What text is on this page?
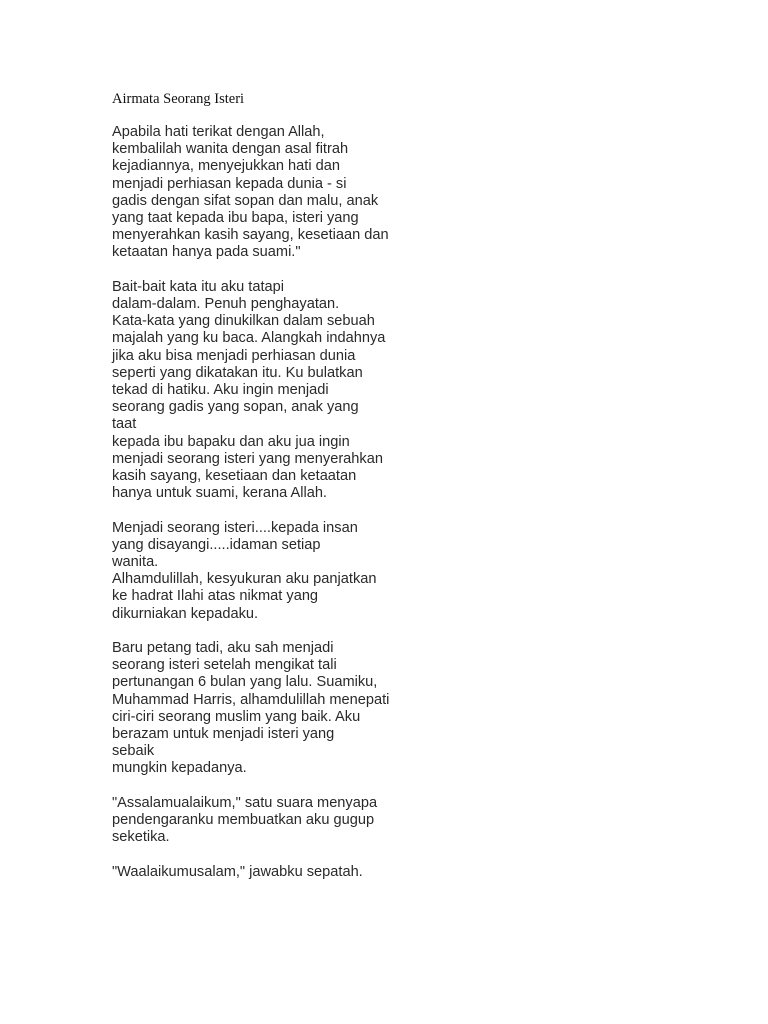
Airmata Seorang Isteri

Apabila hati terikat dengan Allah,
kembalilah wanita dengan asal fitrah
kejadiannya, menyejukkan hati dan
menjadi perhiasan kepada dunia - si
gadis dengan sifat sopan dan malu, anak
yang taat kepada ibu bapa, isteri yang
menyerahkan kasih sayang, kesetiaan dan
ketaatan hanya pada suami."

Bait-bait kata itu aku tatapi
dalam-dalam. Penuh penghayatan.
Kata-kata yang dinukilkan dalam sebuah
majalah yang ku baca. Alangkah indahnya
jika aku bisa menjadi perhiasan dunia
seperti yang dikatakan itu. Ku bulatkan
tekad di hatiku. Aku ingin menjadi
seorang gadis yang sopan, anak yang
taat
kepada ibu bapaku dan aku jua ingin
menjadi seorang isteri yang menyerahkan
kasih sayang, kesetiaan dan ketaatan
hanya untuk suami, kerana Allah.

Menjadi seorang isteri....kepada insan
yang disayangi.....idaman setiap
wanita.
Alhamdulillah, kesyukuran aku panjatkan
ke hadrat Ilahi atas nikmat yang
dikurniakan kepadaku.

Baru petang tadi, aku sah menjadi
seorang isteri setelah mengikat tali
pertunangan 6 bulan yang lalu. Suamiku,
Muhammad Harris, alhamdulillah menepati
ciri-ciri seorang muslim yang baik. Aku
berazam untuk menjadi isteri yang
sebaik
mungkin kepadanya.

"Assalamualaikum," satu suara menyapa
pendengaranku membuatkan aku gugup
seketika.

"Waalaikumusalam," jawabku sepatah.
